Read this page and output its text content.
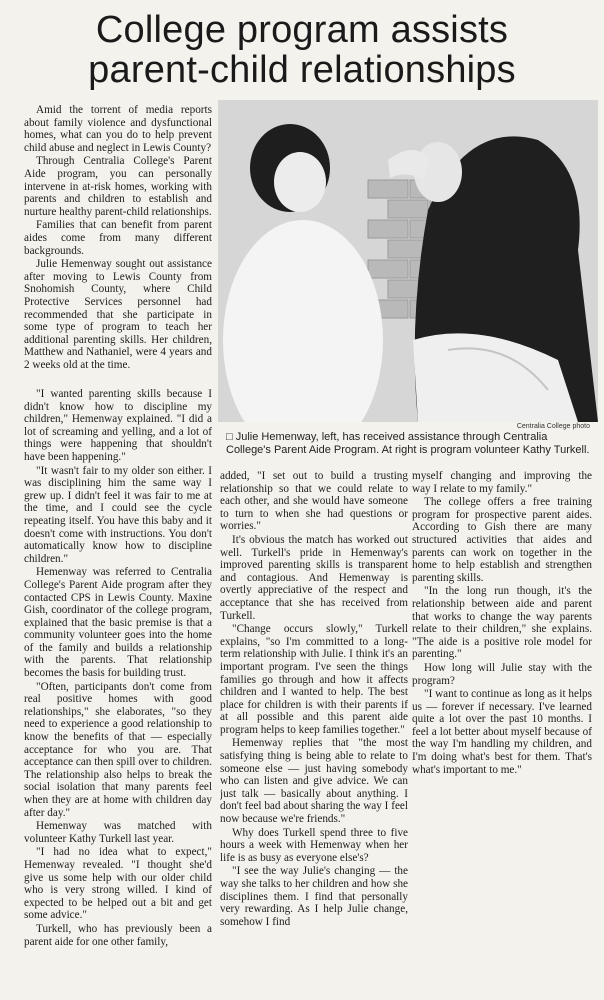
College program assists
parent-child relationships

Amid the torrent of media reports about family violence and dysfunctional homes, what can you do to help prevent child abuse and neglect in Lewis County?

Through Centralia College's Parent Aide program, you can personally intervene in at-risk homes, working with parents and children to establish and nurture healthy parent-child relationships.

Families that can benefit from parent aides come from many different backgrounds.

Julie Hemenway sought out assistance after moving to Lewis County from Snohomish County, where Child Protective Services personnel had recommended that she participate in some type of program to teach her additional parenting skills. Her children, Matthew and Nathaniel, were 4 years and 2 weeks old at the time.

Centralia College photo
□ Julie Hemenway, left, has received assistance through Centralia College's Parent Aide Program. At right is program volunteer Kathy Turkell.

"I wanted parenting skills because I didn't know how to discipline my children," Hemenway explained. "I did a lot of screaming and yelling, and a lot of things were happening that shouldn't have been happening."

"It wasn't fair to my older son either. I was disciplining him the same way I grew up. I didn't feel it was fair to me at the time, and I could see the cycle repeating itself. You have this baby and it doesn't come with instructions. You don't automatically know how to discipline children."

Hemenway was referred to Centralia College's Parent Aide program after they contacted CPS in Lewis County. Maxine Gish, coordinator of the college program, explained that the basic premise is that a community volunteer goes into the home of the family and builds a relationship with the parents. That relationship becomes the basis for building trust.

"Often, participants don't come from real positive homes with good relationships," she elaborates, "so they need to experience a good relationship to know the benefits of that — especially acceptance for who you are. That acceptance can then spill over to children. The relationship also helps to break the social isolation that many parents feel when they are at home with children day after day."

Hemenway was matched with volunteer Kathy Turkell last year.

"I had no idea what to expect," Hemenway revealed. "I thought she'd give us some help with our older child who is very strong willed. I kind of expected to be helped out a bit and get some advice."

Turkell, who has previously been a parent aide for one other family,

added, "I set out to build a trusting relationship so that we could relate to each other, and she would have someone to turn to when she had questions or worries."

It's obvious the match has worked out well. Turkell's pride in Hemenway's improved parenting skills is transparent and contagious. And Hemenway is overtly appreciative of the respect and acceptance that she has received from Turkell.

"Change occurs slowly," Turkell explains, "so I'm committed to a long-term relationship with Julie. I think it's an important program. I've seen the things families go through and how it affects children and I wanted to help. The best place for children is with their parents if at all possible and this parent aide program helps to keep families together."

Hemenway replies that "the most satisfying thing is being able to relate to someone else — just having somebody who can listen and give advice. We can just talk — basically about anything. I don't feel bad about sharing the way I feel now because we're friends."

Why does Turkell spend three to five hours a week with Hemenway when her life is as busy as everyone else's?

"I see the way Julie's changing — the way she talks to her children and how she disciplines them. I find that personally very rewarding. As I help Julie change, somehow I find

myself changing and improving the way I relate to my family."

The college offers a free training program for prospective parent aides. According to Gish there are many structured activities that aides and parents can work on together in the home to help establish and strengthen parenting skills.

"In the long run though, it's the relationship between aide and parent that works to change the way parents relate to their children," she explains. "The aide is a positive role model for parenting."

How long will Julie stay with the program?

"I want to continue as long as it helps us — forever if necessary. I've learned quite a lot over the past 10 months. I feel a lot better about myself because of the way I'm handling my children, and I'm doing what's best for them. That's what's important to me."
